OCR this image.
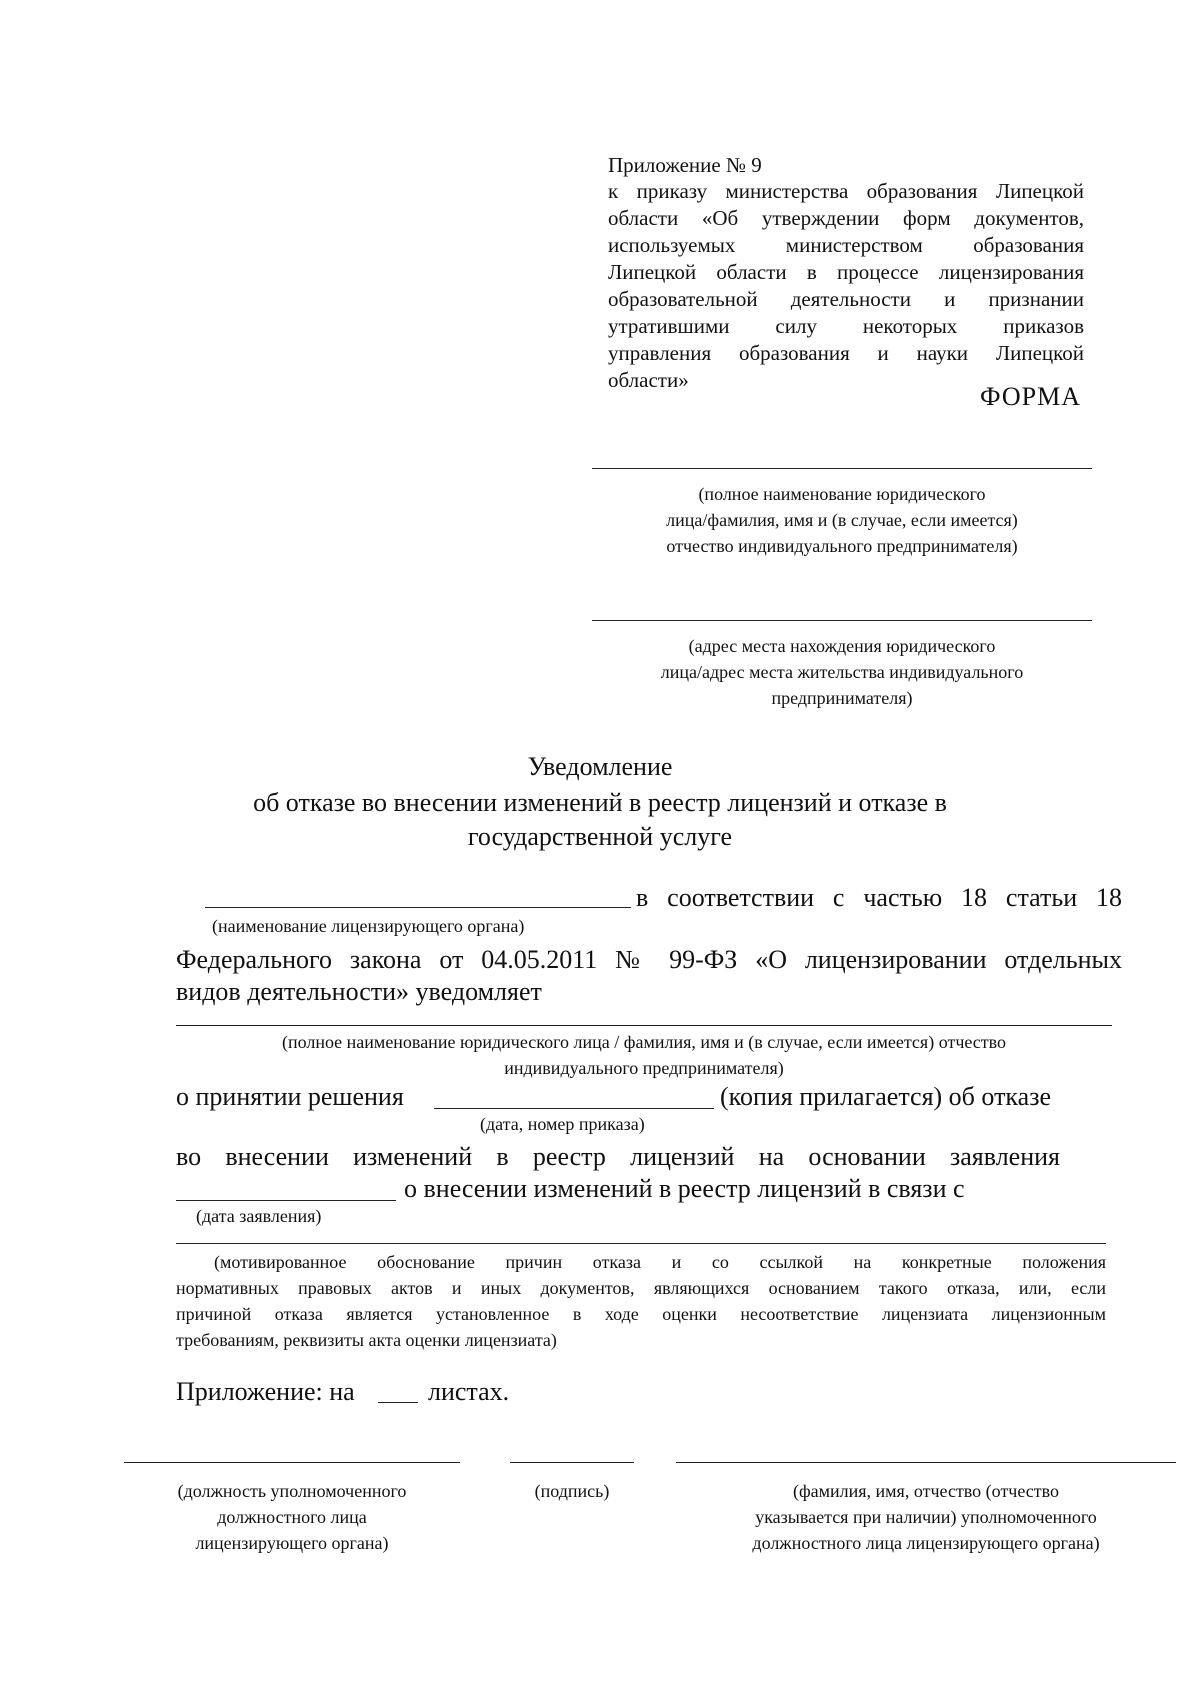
Приложение № 9
к приказу министерства образования Липецкой
области «Об утверждении форм документов,
используемых министерством образования
Липецкой области в процессе лицензирования
образовательной деятельности и признании
утратившими силу некоторых приказов
управления образования и науки Липецкой
области»
ФОРМА
(полное наименование юридического
лица/фамилия, имя и (в случае, если имеется)
отчество индивидуального предпринимателя)
(адрес места нахождения юридического
лица/адрес места жительства индивидуального
предпринимателя)
Уведомление
об отказе во внесении изменений в реестр лицензий и отказе в
государственной услуге
в соответствии с частью 18 статьи 18
(наименование лицензирующего органа)
Федерального закона от 04.05.2011 № 99-ФЗ «О лицензировании отдельных
видов деятельности» уведомляет
(полное наименование юридического лица / фамилия, имя и (в случае, если имеется) отчество
индивидуального предпринимателя)
о принятии решения	(копия прилагается) об отказе
(дата, номер приказа)
во внесении изменений в реестр лицензий на основании заявления
о внесении изменений в реестр лицензий в связи с
(дата заявления)
(мотивированное обоснование причин отказа и со ссылкой на конкретные положения
нормативных правовых актов и иных документов, являющихся основанием такого отказа, или, если
причиной отказа является установленное в ходе оценки несоответствие лицензиата лицензионным
требованиям, реквизиты акта оценки лицензиата)
Приложение: на	листах.
(должность уполномоченного
должностного лица
лицензирующего органа)
(подпись)	(фамилия, имя, отчество (отчество
указывается при наличии) уполномоченного
должностного лица лицензирующего органа)
